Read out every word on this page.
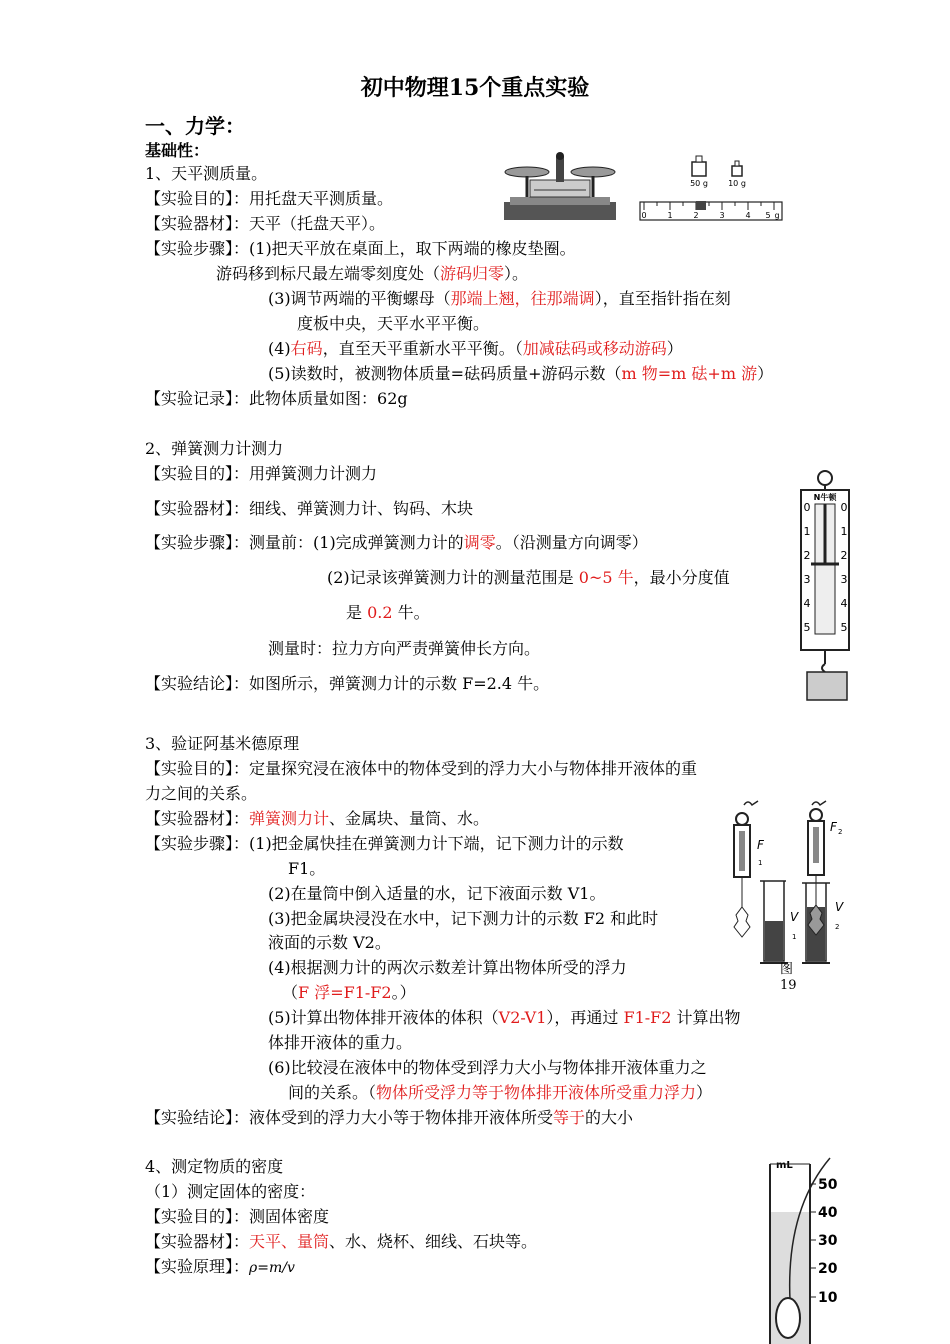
初中物理15个重点实验
一、力学：
基础性：
1、天平测质量。
【实验目的】：用托盘天平测质量。
【实验器材】：天平（托盘天平）。
【实验步骤】：(1)把天平放在桌面上，取下两端的橡皮垫圈。
游码移到标尺最左端零刻度处（游码归零）。
(3)调节两端的平衡螺母（那端上翘，往那端调），直至指针指在刻
度板中央，天平水平平衡。
(4)右码，直至天平重新水平平衡。（加减砝码或移动游码）
(5)读数时，被测物体质量=砝码质量+游码示数（m 物=m 砝+m 游）
【实验记录】：此物体质量如图：62g
50 g	10 g
0	1	2	3	4 5 g
2、弹簧测力计测力
【实验目的】：用弹簧测力计测力
【实验器材】：细线、弹簧测力计、钩码、木块
【实验步骤】：测量前：(1)完成弹簧测力计的调零。（沿测量方向调零）
(2)记录该弹簧测力计的测量范围是 0~5 牛，最小分度值
是 0.2 牛。
测量时：拉力方向严责弹簧伸长方向。
【实验结论】：如图所示，弹簧测力计的示数 F=2.4 牛。
N牛顿
0
1
2
3
4
5
0
1
2
3
4
5
3、验证阿基米德原理
【实验目的】：定量探究浸在液体中的物体受到的浮力大小与物体排开液体的重
力之间的关系。
【实验器材】：弹簧测力计、金属块、量筒、水。
【实验步骤】：(1)把金属快挂在弹簧测力计下端，记下测力计的示数
F1。
(2)在量筒中倒入适量的水，记下液面示数 V1。
(3)把金属块浸没在水中，记下测力计的示数 F2 和此时
液面的示数 V2。
(4)根据测力计的两次示数差计算出物体所受的浮力
（F 浮=F1-F2。）
(5)计算出物体排开液体的体积（V2-V1），再通过 F1-F2 计算出物
体排开液体的重力。
(6)比较浸在液体中的物体受到浮力大小与物体排开液体重力之
间的关系。（物体所受浮力等于物体排开液体所受重力浮力）
【实验结论】：液体受到的浮力大小等于物体排开液体所受等于的大小
F
1
V
1
F 2
V
2
图
19
4、测定物质的密度
（1）测定固体的密度：
【实验目的】：测固体密度
【实验器材】：天平、量筒、水、烧杯、细线、石块等。
【实验原理】：ρ=m/v
mL
50
40
30
20
10
